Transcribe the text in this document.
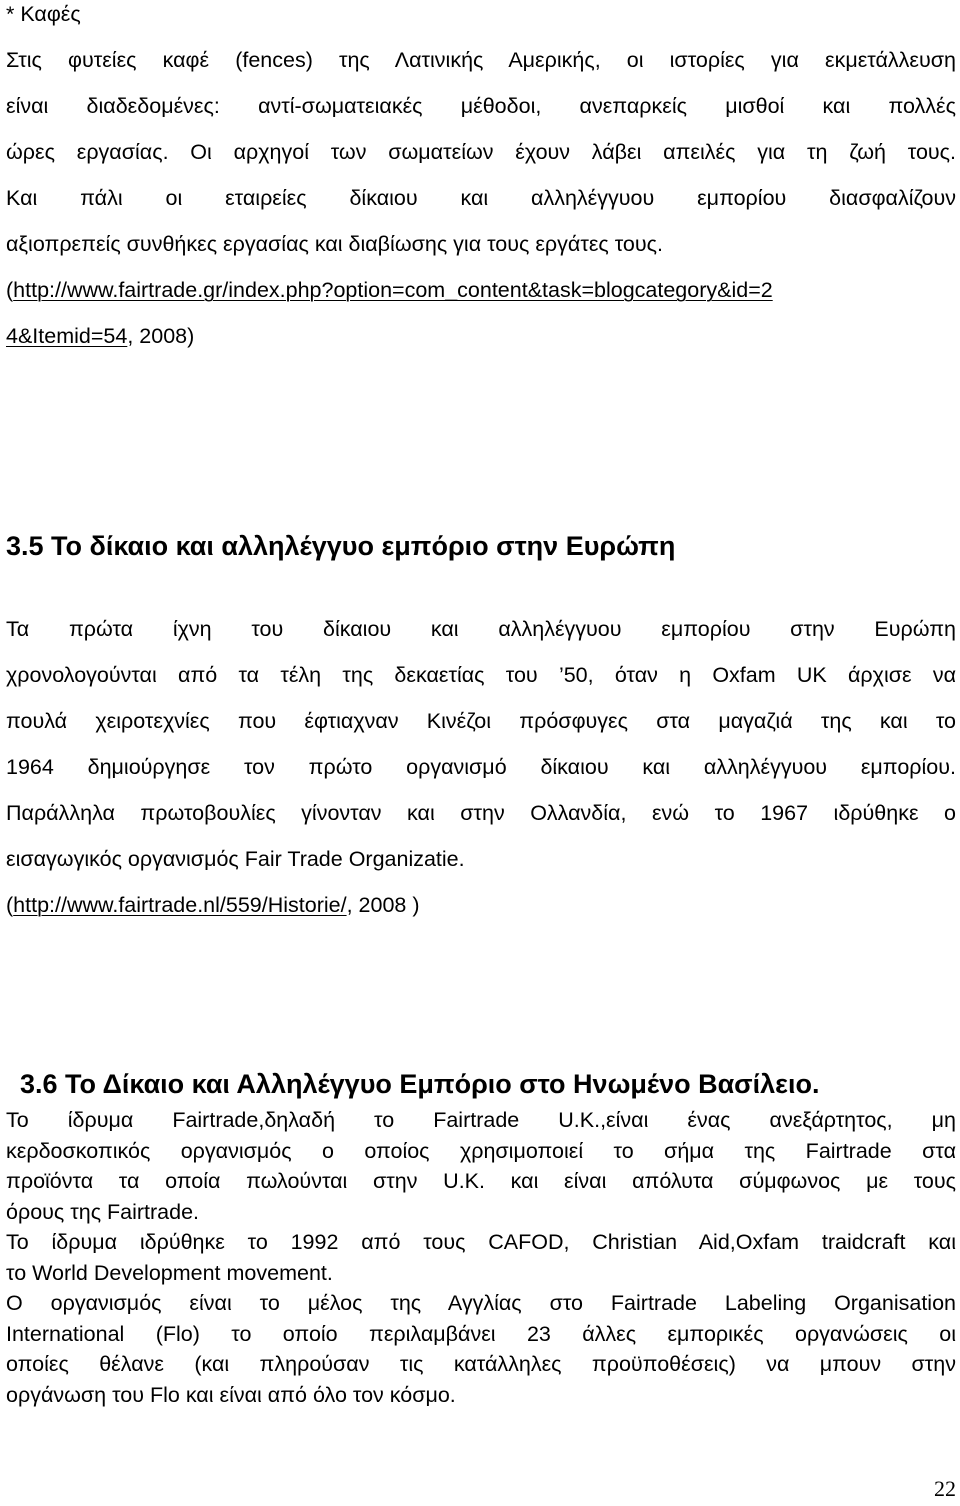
* Καφές
Στις φυτείες καφέ (fences) της Λατινικής Αμερικής, οι ιστορίες για εκμετάλλευση
είναι διαδεδομένες: αντί-σωματειακές μέθοδοι, ανεπαρκείς μισθοί και πολλές
ώρες εργασίας. Οι αρχηγοί των σωματείων έχουν λάβει απειλές για τη ζωή τους.
Και πάλι οι εταιρείες δίκαιου και αλληλέγγυου εμπορίου διασφαλίζουν
αξιοπρεπείς συνθήκες εργασίας και διαβίωσης για τους εργάτες τους.
(http://www.fairtrade.gr/index.php?option=com_content&task=blogcategory&id=2
4&Itemid=54, 2008)
3.5 Το δίκαιο και αλληλέγγυο εμπόριο στην Ευρώπη
Τα πρώτα ίχνη του δίκαιου και αλληλέγγυου εμπορίου στην Ευρώπη
χρονολογούνται από τα τέλη της δεκαετίας του ’50, όταν η Oxfam UK άρχισε να
πουλά χειροτεχνίες που έφτιαχναν Κινέζοι πρόσφυγες στα μαγαζιά της και το
1964 δημιούργησε τον πρώτο οργανισμό δίκαιου και αλληλέγγυου εμπορίου.
Παράλληλα πρωτοβουλίες γίνονταν και στην Ολλανδία, ενώ το 1967 ιδρύθηκε ο
εισαγωγικός οργανισμός Fair Trade Organizatie.
(http://www.fairtrade.nl/559/Historie/, 2008 )
3.6 Το Δίκαιο και Αλληλέγγυο Εμπόριο στο Ηνωμένο Βασίλειο.
Το ίδρυμα Fairtrade,δηλαδή το Fairtrade U.K.,είναι ένας ανεξάρτητος, μη
κερδοσκοπικός οργανισμός ο οποίος χρησιμοποιεί το σήμα της Fairtrade στα
προϊόντα τα οποία πωλούνται στην U.K. και είναι απόλυτα σύμφωνος με τους
όρους της Fairtrade.
Το ίδρυμα ιδρύθηκε το 1992 από τους CAFOD, Christian Aid,Oxfam traidcraft και
το World Development movement.
Ο οργανισμός είναι το μέλος της Αγγλίας στο Fairtrade Labeling Organisation
International (Flo) το οποίο περιλαμβάνει 23 άλλες εμπορικές οργανώσεις οι
οποίες θέλανε (και πληρούσαν τις κατάλληλες προϋποθέσεις) να μπουν στην
οργάνωση του Flo και είναι από όλο τον κόσμο.
22
